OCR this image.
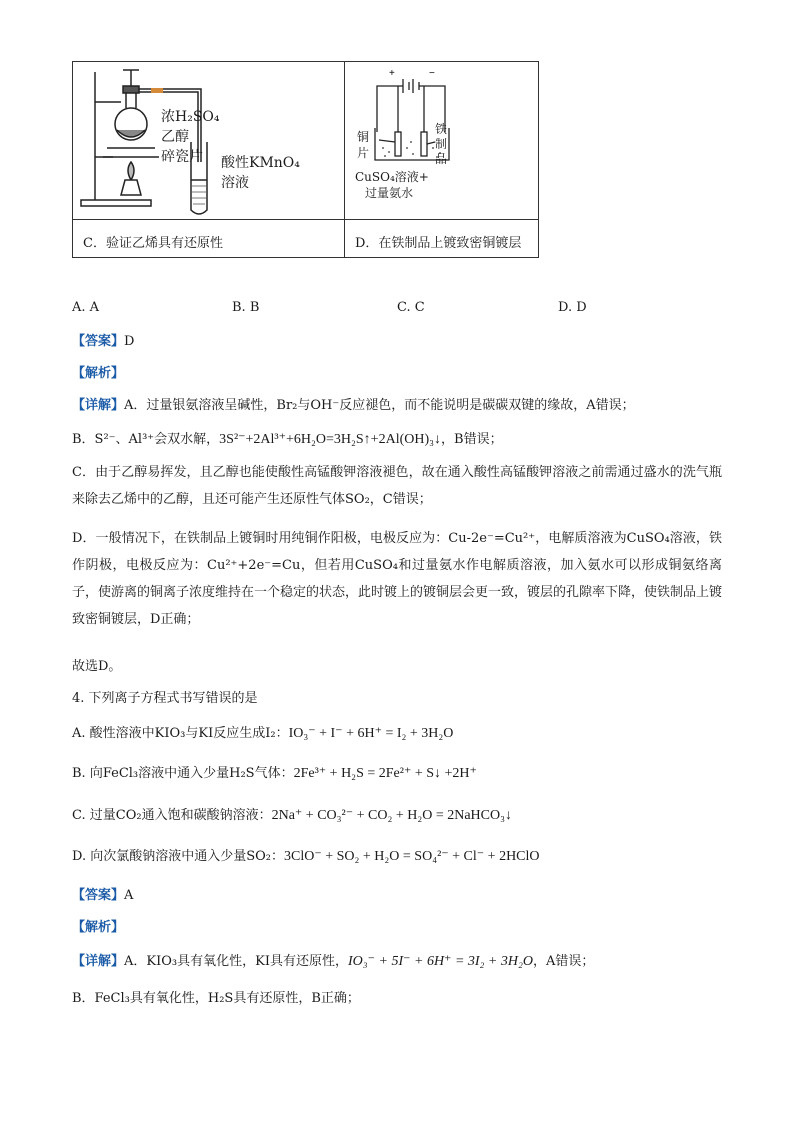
浓H₂SO₄
乙醇
碎瓷片 酸性KMnO₄
溶液
+	−
铜
片
铁
制
品
CuSO₄溶液+
过量氨水
C．验证乙烯具有还原性	D．在铁制品上镀致密铜镀层
A. A	B. B	C. C	D. D
【答案】D
【解析】
【详解】A．过量银氨溶液呈碱性，Br₂与OH⁻反应褪色，而不能说明是碳碳双键的缘故，A错误；
B．S²⁻、Al³⁺会双水解，3S²⁻+2Al³⁺+6H₂O=3H₂S↑+2Al(OH)₃↓，B错误；
C．由于乙醇易挥发，且乙醇也能使酸性高锰酸钾溶液褪色，故在通入酸性高锰酸钾溶液之前需通过盛水的洗气瓶来除去乙烯中的乙醇，且还可能产生还原性气体SO₂，C错误；
D．一般情况下，在铁制品上镀铜时用纯铜作阳极，电极反应为：Cu-2e⁻=Cu²⁺，电解质溶液为CuSO₄溶液，铁作阴极，电极反应为：Cu²⁺+2e⁻=Cu，但若用CuSO₄和过量氨水作电解质溶液，加入氨水可以形成铜氨络离子，使游离的铜离子浓度维持在一个稳定的状态，此时镀上的镀铜层会更一致，镀层的孔隙率下降，使铁制品上镀致密铜镀层，D正确；
故选D。
4. 下列离子方程式书写错误的是
A. 酸性溶液中KIO₃与KI反应生成I₂：IO₃⁻ + I⁻ + 6H⁺ = I₂ + 3H₂O
B. 向FeCl₃溶液中通入少量H₂S气体：2Fe³⁺ + H₂S = 2Fe²⁺ + S↓ +2H⁺
C. 过量CO₂通入饱和碳酸钠溶液：2Na⁺ + CO₃²⁻ + CO₂ + H₂O = 2NaHCO₃↓
D. 向次氯酸钠溶液中通入少量SO₂：3ClO⁻ + SO₂ + H₂O = SO₄²⁻ + Cl⁻ + 2HClO
【答案】A
【解析】
【详解】A．KIO₃具有氧化性，KI具有还原性，IO₃⁻ + 5I⁻ + 6H⁺ = 3I₂ + 3H₂O，A错误；
B．FeCl₃具有氧化性，H₂S具有还原性，B正确；
